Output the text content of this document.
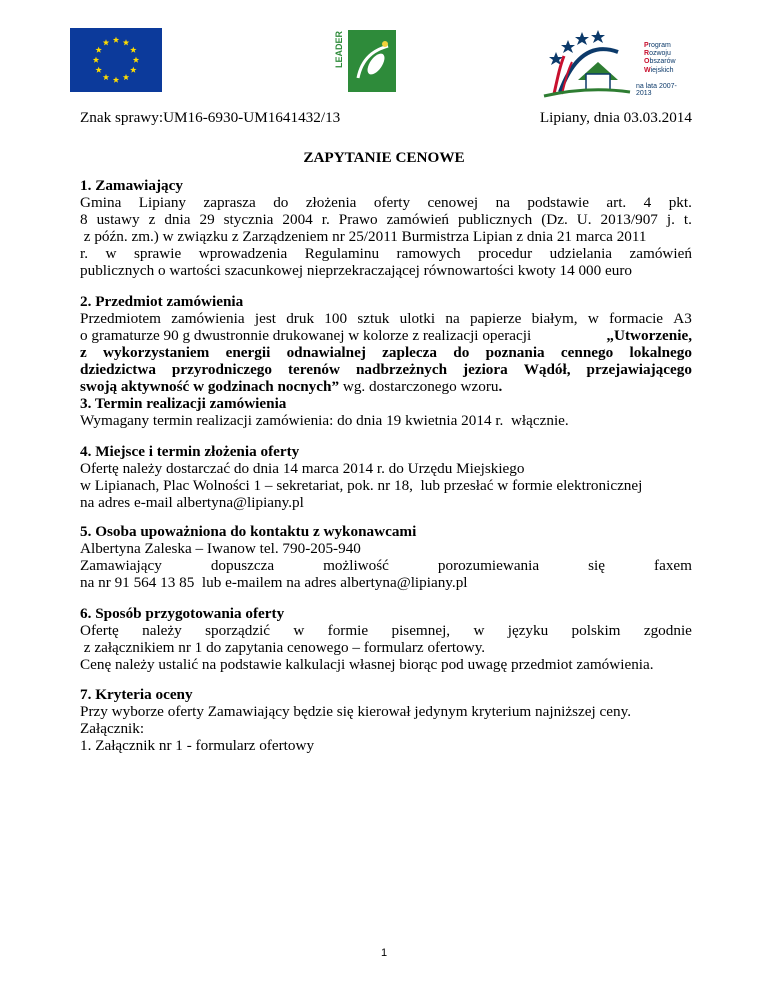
LEADER	Program
Rozwoju
Obszarów
Wiejskich
na lata 2007-2013
Znak sprawy:UM16-6930-UM1641432/13	Lipiany, dnia 03.03.2014
ZAPYTANIE CENOWE
1. Zamawiający
Gmina Lipiany zaprasza do złożenia oferty cenowej na podstawie art. 4 pkt.
8 ustawy z dnia 29 stycznia 2004 r. Prawo zamówień publicznych (Dz. U. 2013/907 j. t.
z późn. zm.) w związku z Zarządzeniem nr 25/2011 Burmistrza Lipian z dnia 21 marca 2011
r. w sprawie wprowadzenia Regulaminu ramowych procedur udzielania zamówień
publicznych o wartości szacunkowej nieprzekraczającej równowartości kwoty 14 000 euro
2. Przedmiot zamówienia
Przedmiotem zamówienia jest druk 100 sztuk ulotki na papierze białym, w formacie A3
o gramaturze 90 g dwustronnie drukowanej w kolorze z realizacji operacji	„Utworzenie,
z wykorzystaniem energii odnawialnej zaplecza do poznania cennego lokalnego
dziedzictwa przyrodniczego terenów nadbrzeżnych jeziora Wądół, przejawiającego
swoją aktywność w godzinach nocnych” wg. dostarczonego wzoru.
3. Termin realizacji zamówienia
Wymagany termin realizacji zamówienia: do dnia 19 kwietnia 2014 r.  włącznie.
4. Miejsce i termin złożenia oferty
Ofertę należy dostarczać do dnia 14 marca 2014 r. do Urzędu Miejskiego
w Lipianach, Plac Wolności 1 – sekretariat, pok. nr 18,  lub przesłać w formie elektronicznej
na adres e-mail albertyna@lipiany.pl
5. Osoba upoważniona do kontaktu z wykonawcami
Albertyna Zaleska – Iwanow tel. 790-205-940
Zamawiający	dopuszcza	możliwość	porozumiewania	się	faxem
na nr 91 564 13 85  lub e-mailem na adres albertyna@lipiany.pl
6. Sposób przygotowania oferty
Ofertę należy sporządzić w formie pisemnej, w języku polskim zgodnie
z załącznikiem nr 1 do zapytania cenowego – formularz ofertowy.
Cenę należy ustalić na podstawie kalkulacji własnej biorąc pod uwagę przedmiot zamówienia.
7. Kryteria oceny
Przy wyborze oferty Zamawiający będzie się kierował jedynym kryterium najniższej ceny.
Załącznik:
1. Załącznik nr 1 - formularz ofertowy
1
